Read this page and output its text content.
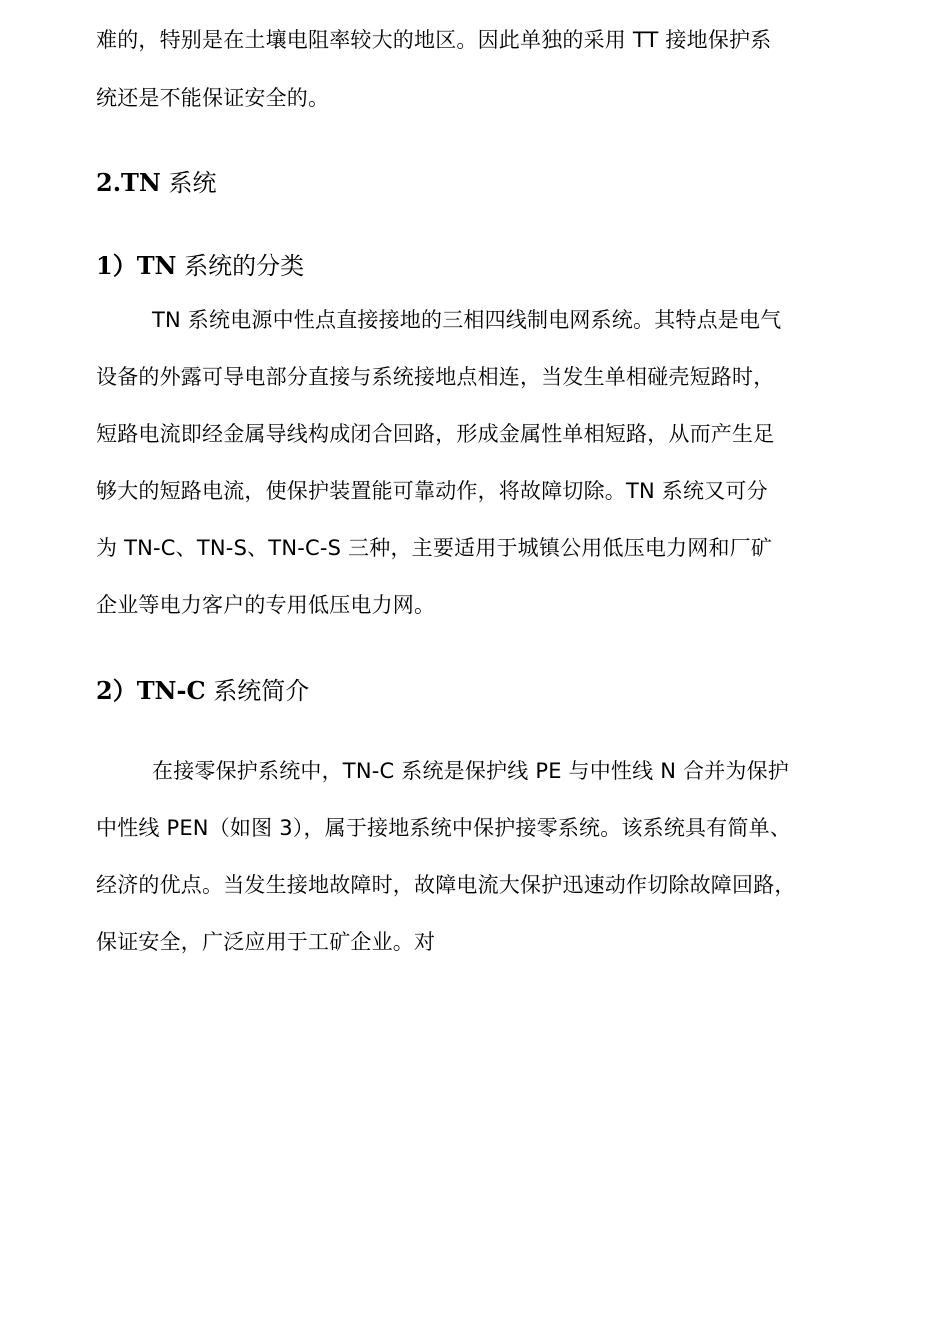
难的，特别是在土壤电阻率较大的地区。因此单独的采用 TT 接地保护系
统还是不能保证安全的。
2.TN 系统
1）TN 系统的分类
TN 系统电源中性点直接接地的三相四线制电网系统。其特点是电气
设备的外露可导电部分直接与系统接地点相连，当发生单相碰壳短路时，
短路电流即经金属导线构成闭合回路，形成金属性单相短路，从而产生足
够大的短路电流，使保护装置能可靠动作，将故障切除。TN 系统又可分
为 TN-C、TN-S、TN-C-S 三种，主要适用于城镇公用低压电力网和厂矿
企业等电力客户的专用低压电力网。
2）TN-C 系统简介
在接零保护系统中，TN-C 系统是保护线 PE 与中性线 N 合并为保护
中性线 PEN（如图 3），属于接地系统中保护接零系统。该系统具有简单、
经济的优点。当发生接地故障时，故障电流大保护迅速动作切除故障回路，
保证安全，广泛应用于工矿企业。对
